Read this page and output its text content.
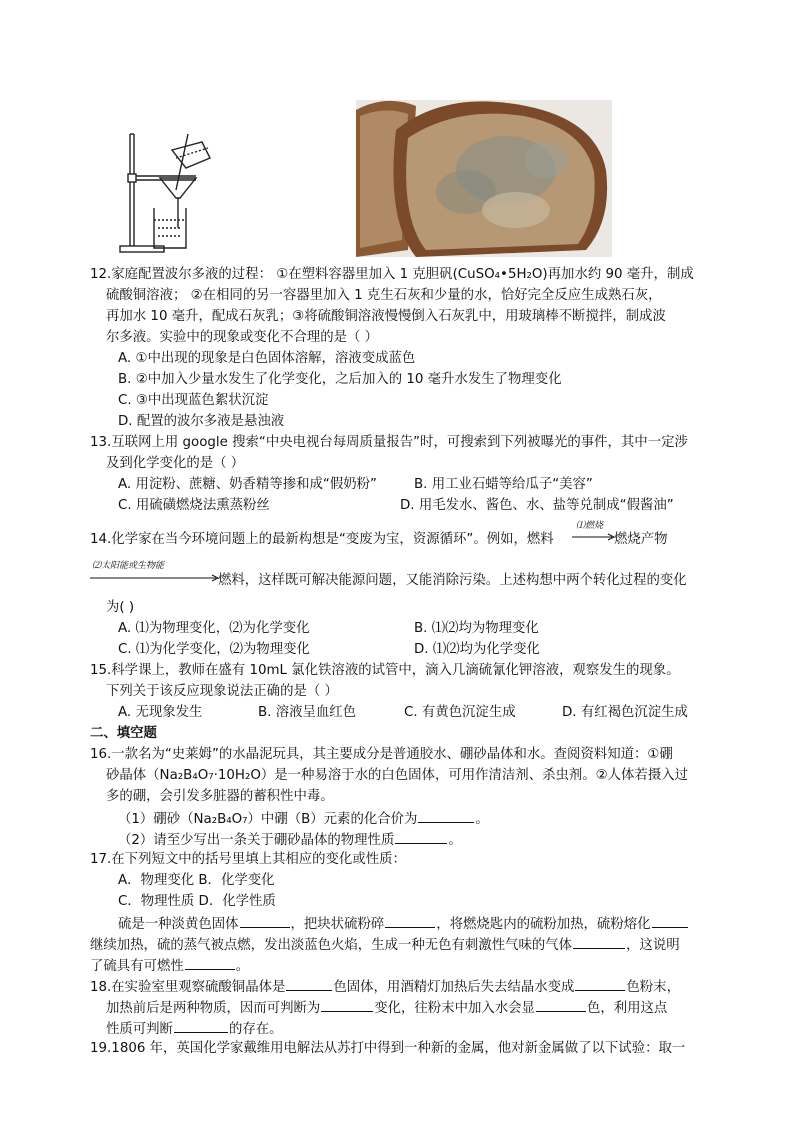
12.家庭配置波尔多液的过程： ①在塑料容器里加入 1 克胆矾(CuSO₄•5H₂O)再加水约 90 毫升，制成
硫酸铜溶液； ②在相同的另一容器里加入 1 克生石灰和少量的水，恰好完全反应生成熟石灰，
再加水 10 毫升，配成石灰乳；③将硫酸铜溶液慢慢倒入石灰乳中，用玻璃棒不断搅拌，制成波
尔多液。实验中的现象或变化不合理的是（ ）
A. ①中出现的现象是白色固体溶解，溶液变成蓝色
B. ②中加入少量水发生了化学变化，之后加入的 10 毫升水发生了物理变化
C. ③中出现蓝色絮状沉淀
D. 配置的波尔多液是悬浊液
13.互联网上用 google 搜索“中央电视台每周质量报告”时，可搜索到下列被曝光的事件，其中一定涉
及到化学变化的是（ ）
A. 用淀粉、蔗糖、奶香精等掺和成“假奶粉”	B. 用工业石蜡等给瓜子“美容”
C. 用硫磺燃烧法熏蒸粉丝	D. 用毛发水、酱色、水、盐等兑制成“假酱油”
14.化学家在当今环境问题上的最新构想是“变废为宝，资源循环”。例如，燃料
⑴燃烧
燃烧产物
⑵太阳能或生物能
燃料，这样既可解决能源问题，又能消除污染。上述构想中两个转化过程的变化
为( )
A. ⑴为物理变化，⑵为化学变化	B. ⑴⑵均为物理变化
C. ⑴为化学变化，⑵为物理变化	D. ⑴⑵均为化学变化
15.科学课上，教师在盛有 10mL 氯化铁溶液的试管中，滴入几滴硫氰化钾溶液，观察发生的现象。
下列关于该反应现象说法正确的是（ ）
A. 无现象发生	B. 溶液呈血红色	C. 有黄色沉淀生成	D. 有红褐色沉淀生成
二、填空题
16.一款名为“史莱姆”的水晶泥玩具，其主要成分是普通胶水、硼砂晶体和水。查阅资料知道：①硼
砂晶体（Na₂B₄O₇·10H₂O）是一种易溶于水的白色固体，可用作清洁剂、杀虫剂。②人体若摄入过
多的硼，会引发多脏器的蓄积性中毒。
（1）硼砂（Na₂B₄O₇）中硼（B）元素的化合价为	。
（2）请至少写出一条关于硼砂晶体的物理性质	。
17.在下列短文中的括号里填上其相应的变化或性质：
A．物理变化 B．化学变化
C．物理性质 D．化学性质
硫是一种淡黄色固体	，把块状硫粉碎	，将燃烧匙内的硫粉加热，硫粉熔化
继续加热，硫的蒸气被点燃，发出淡蓝色火焰，生成一种无色有刺激性气味的气体	，这说明
了硫具有可燃性	。
18.在实验室里观察硫酸铜晶体是	色固体，用酒精灯加热后失去结晶水变成	色粉末，
加热前后是两种物质，因而可判断为	变化，往粉末中加入水会显	色，利用这点
性质可判断	的存在。
19.1806 年，英国化学家戴维用电解法从苏打中得到一种新的金属，他对新金属做了以下试验：取一
